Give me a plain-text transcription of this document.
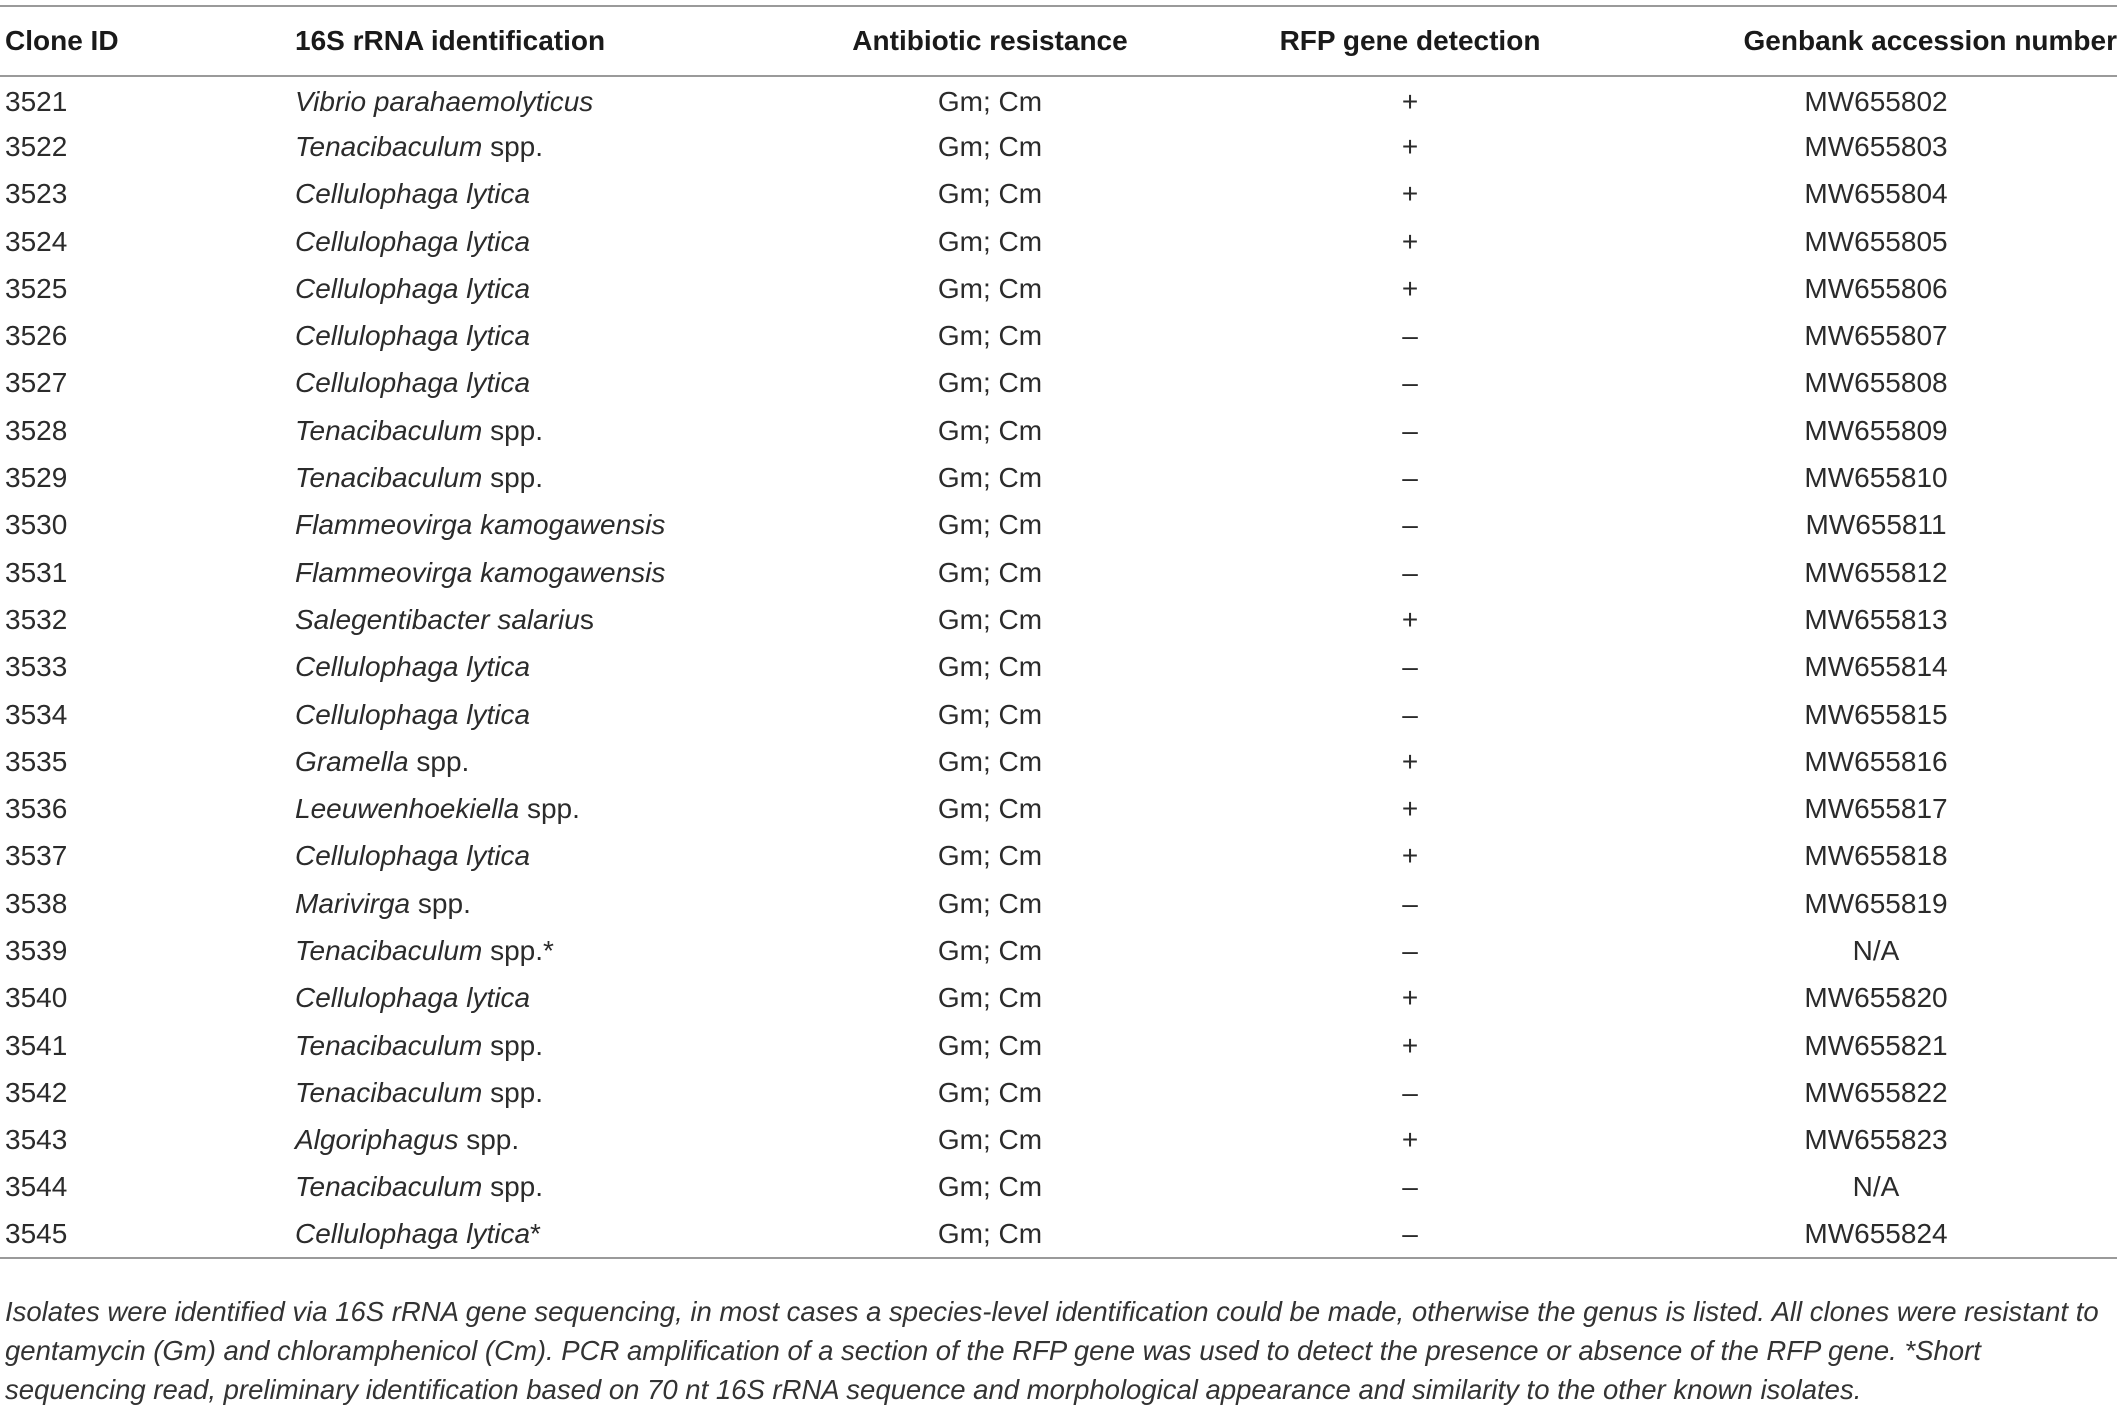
Clone ID	16S rRNA identification	Antibiotic resistance	RFP gene detection	Genbank accession number
3521	Vibrio parahaemolyticus	Gm; Cm	+	MW655802
3522	Tenacibaculum spp.	Gm; Cm	+	MW655803
3523	Cellulophaga lytica	Gm; Cm	+	MW655804
3524	Cellulophaga lytica	Gm; Cm	+	MW655805
3525	Cellulophaga lytica	Gm; Cm	+	MW655806
3526	Cellulophaga lytica	Gm; Cm	–	MW655807
3527	Cellulophaga lytica	Gm; Cm	–	MW655808
3528	Tenacibaculum spp.	Gm; Cm	–	MW655809
3529	Tenacibaculum spp.	Gm; Cm	–	MW655810
3530	Flammeovirga kamogawensis	Gm; Cm	–	MW655811
3531	Flammeovirga kamogawensis	Gm; Cm	–	MW655812
3532	Salegentibacter salarius	Gm; Cm	+	MW655813
3533	Cellulophaga lytica	Gm; Cm	–	MW655814
3534	Cellulophaga lytica	Gm; Cm	–	MW655815
3535	Gramella spp.	Gm; Cm	+	MW655816
3536	Leeuwenhoekiella spp.	Gm; Cm	+	MW655817
3537	Cellulophaga lytica	Gm; Cm	+	MW655818
3538	Marivirga spp.	Gm; Cm	–	MW655819
3539	Tenacibaculum spp.*	Gm; Cm	–	N/A
3540	Cellulophaga lytica	Gm; Cm	+	MW655820
3541	Tenacibaculum spp.	Gm; Cm	+	MW655821
3542	Tenacibaculum spp.	Gm; Cm	–	MW655822
3543	Algoriphagus spp.	Gm; Cm	+	MW655823
3544	Tenacibaculum spp.	Gm; Cm	–	N/A
3545	Cellulophaga lytica*	Gm; Cm	–	MW655824
Isolates were identified via 16S rRNA gene sequencing, in most cases a species-level identification could be made, otherwise the genus is listed. All clones were resistant to gentamycin (Gm) and chloramphenicol (Cm). PCR amplification of a section of the RFP gene was used to detect the presence or absence of the RFP gene. *Short sequencing read, preliminary identification based on 70 nt 16S rRNA sequence and morphological appearance and similarity to the other known isolates.
